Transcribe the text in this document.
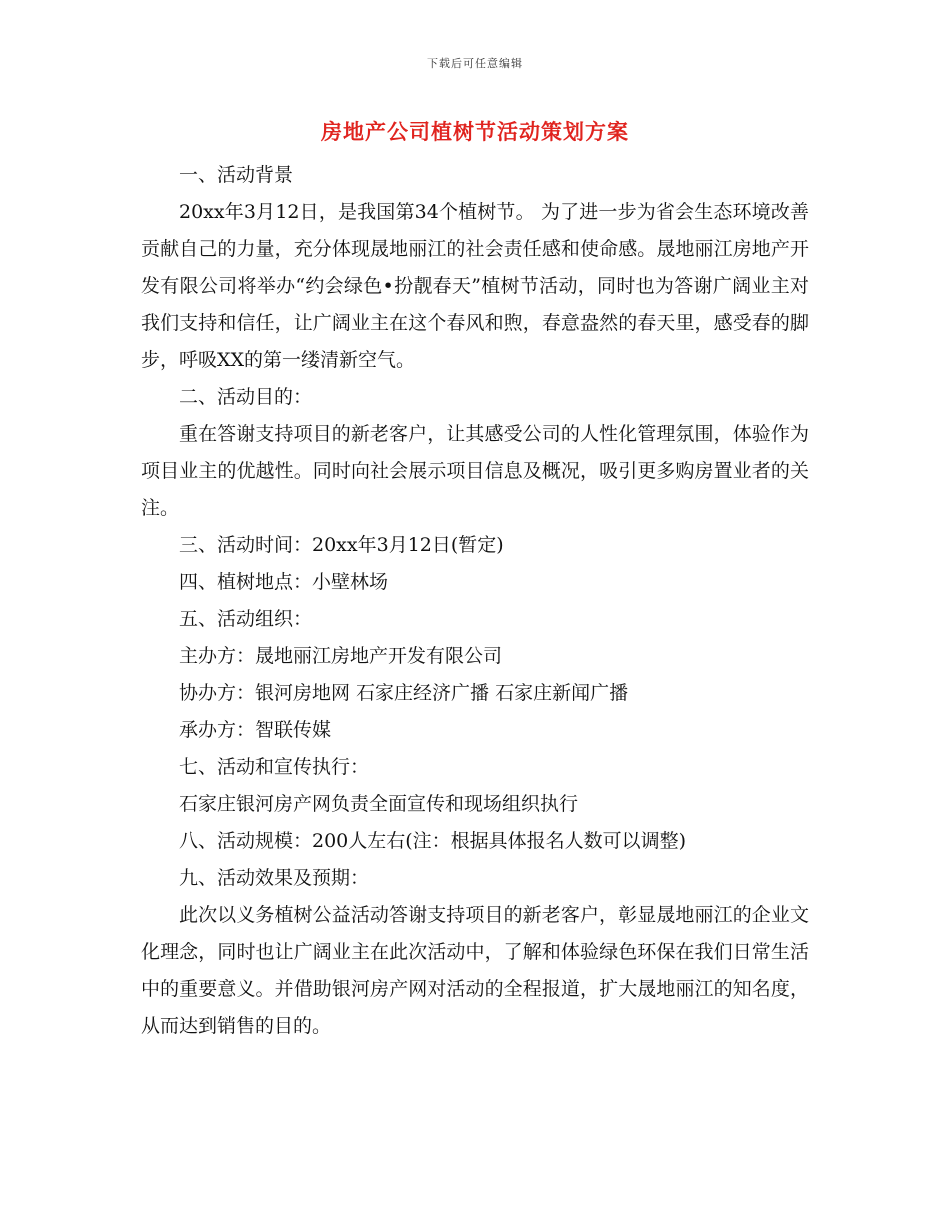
下载后可任意编辑
房地产公司植树节活动策划方案

一、活动背景

20xx年3月12日，是我国第34个植树节。 为了进一步为省会生态环境改善贡献自己的力量，充分体现晟地丽江的社会责任感和使命感。晟地丽江房地产开发有限公司将举办“约会绿色•扮靓春天”植树节活动，同时也为答谢广阔业主对我们支持和信任，让广阔业主在这个春风和煦，春意盎然的春天里，感受春的脚步，呼吸XX的第一缕清新空气。

二、活动目的：

重在答谢支持项目的新老客户，让其感受公司的人性化管理氛围，体验作为项目业主的优越性。同时向社会展示项目信息及概况，吸引更多购房置业者的关注。

三、活动时间：20xx年3月12日(暂定)

四、植树地点：小壁林场

五、活动组织：

主办方：晟地丽江房地产开发有限公司

协办方：银河房地网 石家庄经济广播 石家庄新闻广播

承办方：智联传媒

七、活动和宣传执行：

石家庄银河房产网负责全面宣传和现场组织执行

八、活动规模：200人左右(注：根据具体报名人数可以调整)

九、活动效果及预期：

此次以义务植树公益活动答谢支持项目的新老客户，彰显晟地丽江的企业文化理念，同时也让广阔业主在此次活动中，了解和体验绿色环保在我们日常生活中的重要意义。并借助银河房产网对活动的全程报道，扩大晟地丽江的知名度，从而达到销售的目的。
